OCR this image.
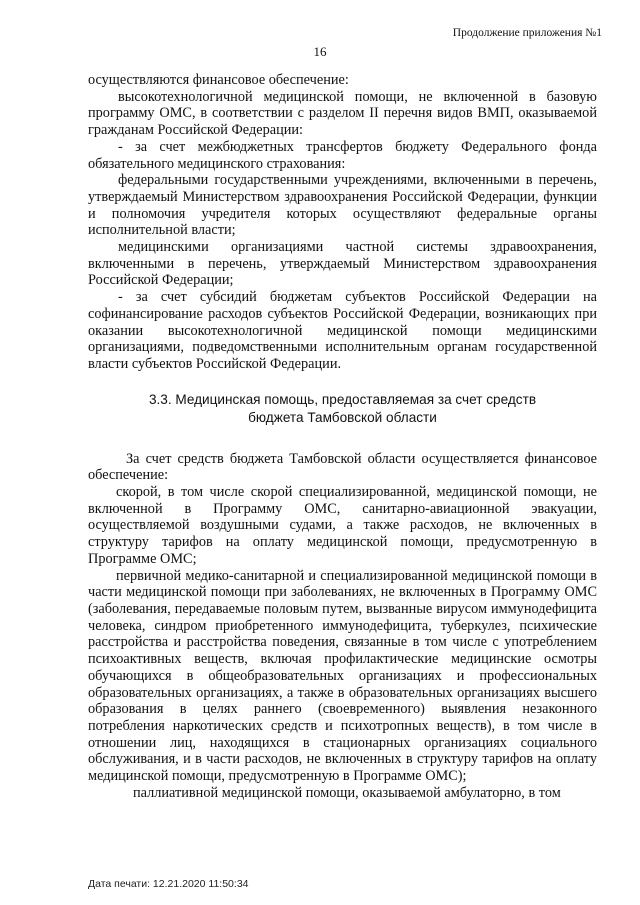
Продолжение приложения №1
16

осуществляются финансовое обеспечение:

высокотехнологичной медицинской помощи, не включенной в базовую программу ОМС, в соответствии с разделом II перечня видов ВМП, оказываемой гражданам Российской Федерации:

- за счет межбюджетных трансфертов бюджету Федерального фонда обязательного медицинского страхования:

федеральными государственными учреждениями, включенными в перечень, утверждаемый Министерством здравоохранения Российской Федерации, функции и полномочия учредителя которых осуществляют федеральные органы исполнительной власти;

медицинскими организациями частной системы здравоохранения, включенными в перечень, утверждаемый Министерством здравоохранения Российской Федерации;

- за счет субсидий бюджетам субъектов Российской Федерации на софинансирование расходов субъектов Российской Федерации, возникающих при оказании высокотехнологичной медицинской помощи медицинскими организациями, подведомственными исполнительным органам государственной власти субъектов Российской Федерации.

3.3. Медицинская помощь, предоставляемая за счет средств
бюджета Тамбовской области

За счет средств бюджета Тамбовской области осуществляется финансовое обеспечение:

скорой, в том числе скорой специализированной, медицинской помощи, не включенной в Программу ОМС, санитарно-авиационной эвакуации, осуществляемой воздушными судами, а также расходов, не включенных в структуру тарифов на оплату медицинской помощи, предусмотренную в Программе ОМС;

первичной медико-санитарной и специализированной медицинской помощи в части медицинской помощи при заболеваниях, не включенных в Программу ОМС (заболевания, передаваемые половым путем, вызванные вирусом иммунодефицита человека, синдром приобретенного иммунодефицита, туберкулез, психические расстройства и расстройства поведения, связанные в том числе с употреблением психоактивных веществ, включая профилактические медицинские осмотры обучающихся в общеобразовательных организациях и профессиональных образовательных организациях, а также в образовательных организациях высшего образования в целях раннего (своевременного) выявления незаконного потребления наркотических средств и психотропных веществ), в том числе в отношении лиц, находящихся в стационарных организациях социального обслуживания, и в части расходов, не включенных в структуру тарифов на оплату медицинской помощи, предусмотренную в Программе ОМС);

паллиативной медицинской помощи, оказываемой амбулаторно, в том

Дата печати: 12.21.2020 11:50:34
